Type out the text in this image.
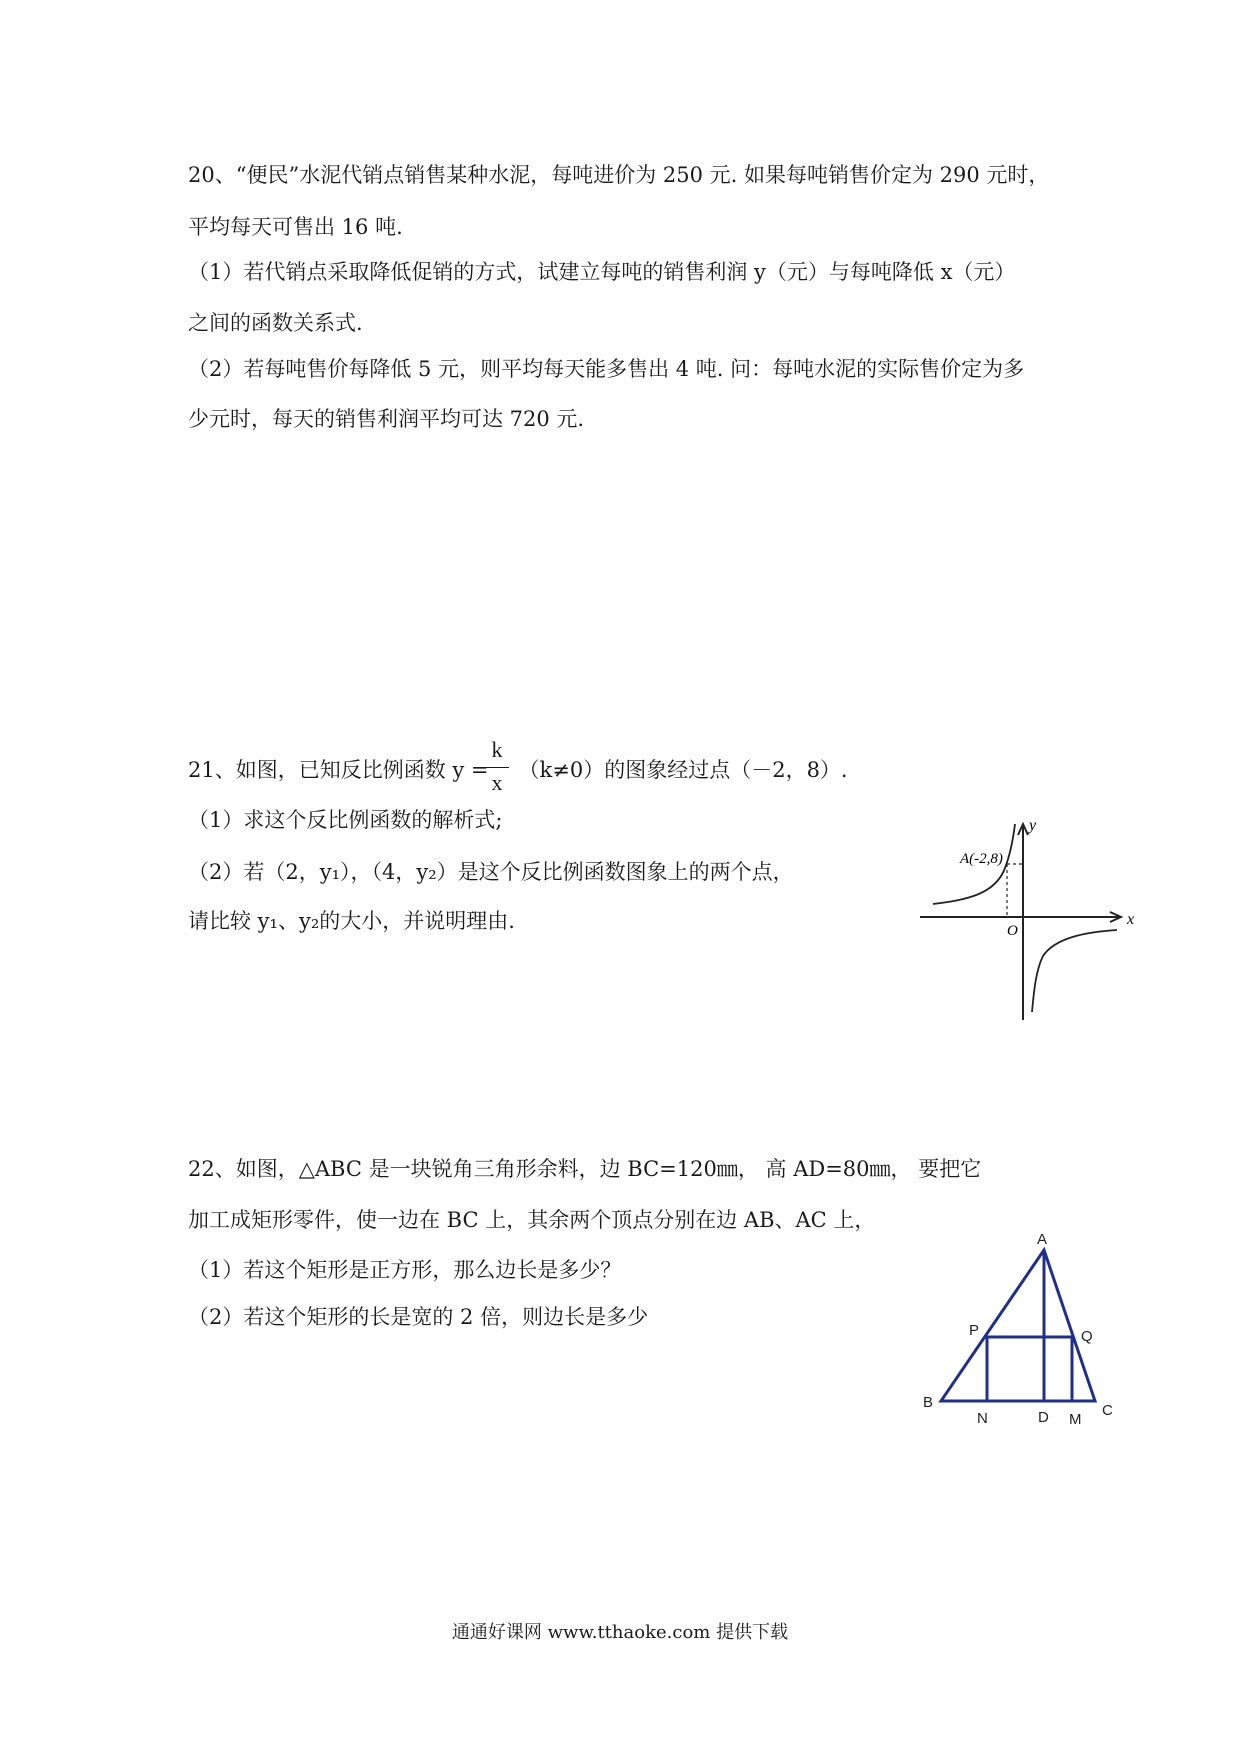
20、“便民”水泥代销点销售某种水泥，每吨进价为 250 元. 如果每吨销售价定为 290 元时，
平均每天可售出 16 吨.
（1）若代销点采取降低促销的方式，试建立每吨的销售利润 y（元）与每吨降低 x（元）
之间的函数关系式.
（2）若每吨售价每降低 5 元，则平均每天能多售出 4 吨. 问：每吨水泥的实际售价定为多
少元时，每天的销售利润平均可达 720 元.
21、如图，已知反比例函数 y = （k≠0）的图象经过点（－2，8）.
k
x
（1）求这个反比例函数的解析式;
（2）若（2，y₁），（4，y₂）是这个反比例函数图象上的两个点，
请比较 y₁、y₂的大小，并说明理由.
A(-2,8)
y
x
O
22、如图，△ABC 是一块锐角三角形余料，边 BC=120㎜， 高 AD=80㎜， 要把它
加工成矩形零件，使一边在 BC 上，其余两个顶点分别在边 AB、AC 上，
（1）若这个矩形是正方形，那么边长是多少？
（2）若这个矩形的长是宽的 2 倍，则边长是多少
A
B	C
D
P	Q
N	M
通通好课网 www.tthaoke.com 提供下载
